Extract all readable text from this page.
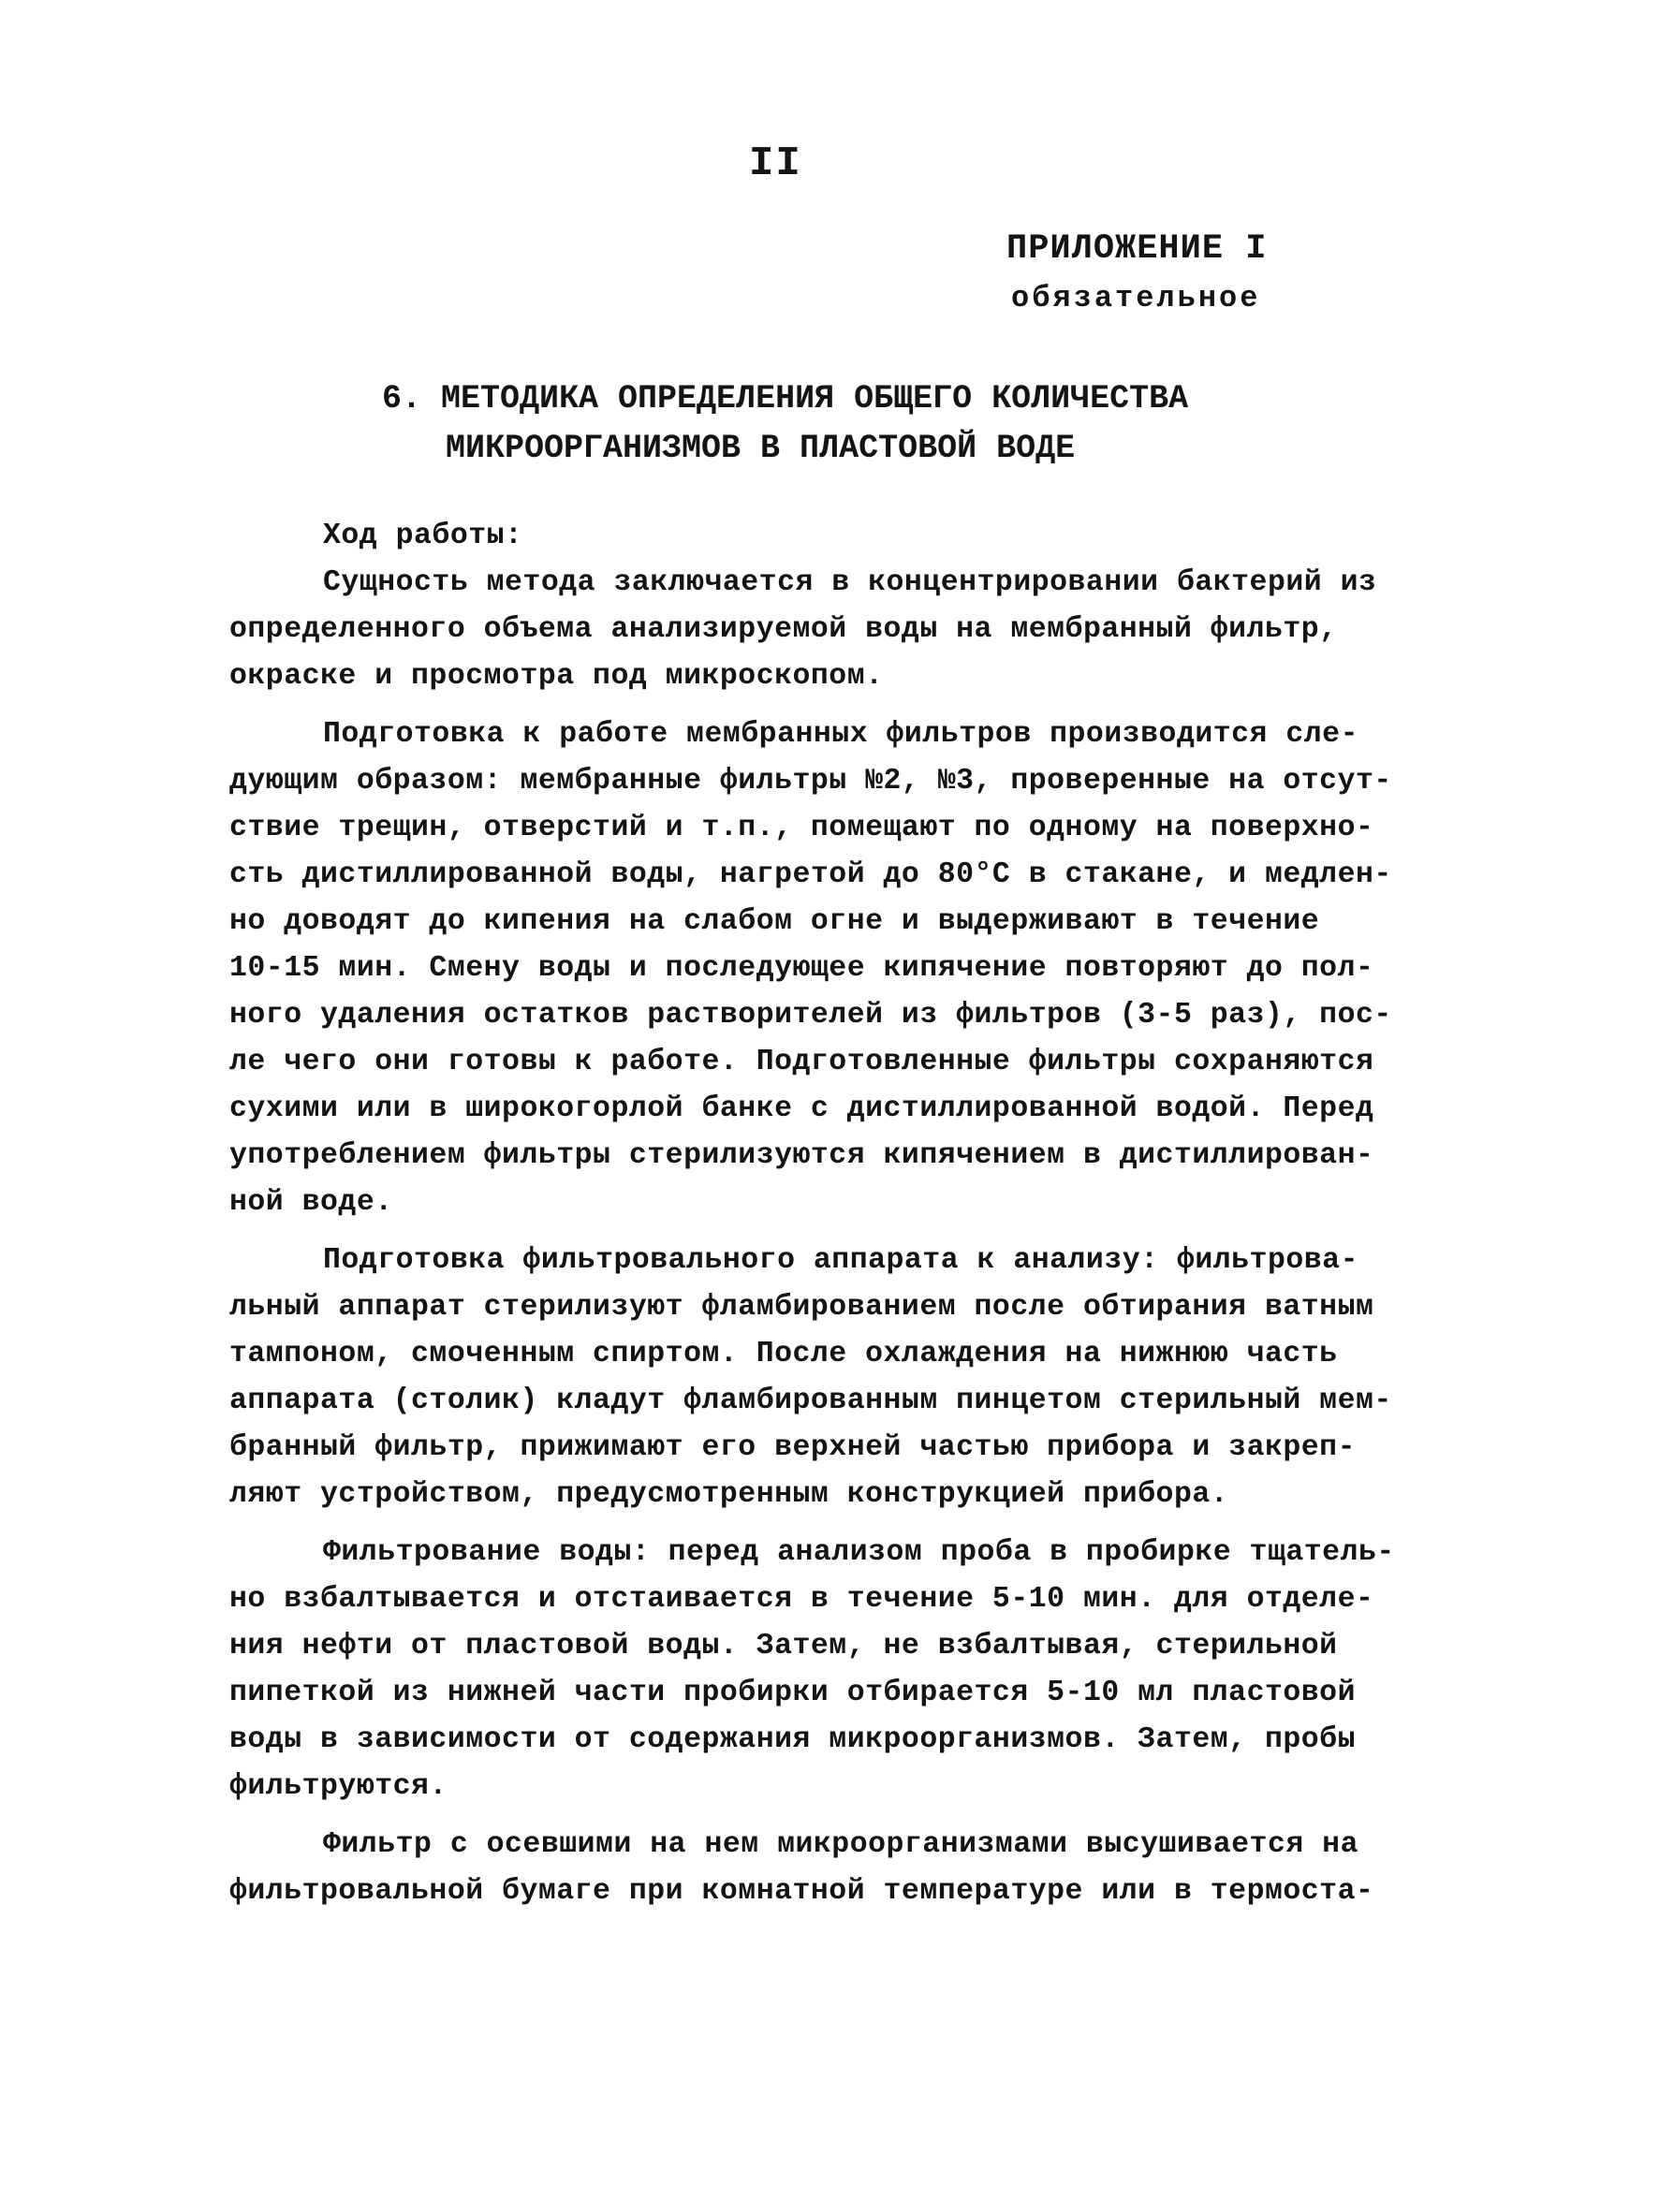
II
ПРИЛОЖЕНИЕ I
обязательное
6. МЕТОДИКА ОПРЕДЕЛЕНИЯ ОБЩЕГО КОЛИЧЕСТВА
МИКРООРГАНИЗМОВ В ПЛАСТОВОЙ ВОДЕ

Ход работы:

Сущность метода заключается в концентрировании бактерий из
определенного объема анализируемой воды на мембранный фильтр,
окраске и просмотра под микроскопом.

Подготовка к работе мембранных фильтров производится сле-
дующим образом: мембранные фильтры №2, №3, проверенные на отсут-
ствие трещин, отверстий и т.п., помещают по одному на поверхно-
сть дистиллированной воды, нагретой до 80°С в стакане, и медлен-
но доводят до кипения на слабом огне и выдерживают в течение
10-15 мин. Смену воды и последующее кипячение повторяют до пол-
ного удаления остатков растворителей из фильтров (3-5 раз), пос-
ле чего они готовы к работе. Подготовленные фильтры сохраняются
сухими или в широкогорлой банке с дистиллированной водой. Перед
употреблением фильтры стерилизуются кипячением в дистиллирован-
ной воде.

Подготовка фильтровального аппарата к анализу: фильтрова-
льный аппарат стерилизуют фламбированием после обтирания ватным
тампоном, смоченным спиртом. После охлаждения на нижнюю часть
аппарата (столик) кладут фламбированным пинцетом стерильный мем-
бранный фильтр, прижимают его верхней частью прибора и закреп-
ляют устройством, предусмотренным конструкцией прибора.

Фильтрование воды: перед анализом проба в пробирке тщатель-
но взбалтывается и отстаивается в течение 5-10 мин. для отделе-
ния нефти от пластовой воды. Затем, не взбалтывая, стерильной
пипеткой из нижней части пробирки отбирается 5-10 мл пластовой
воды в зависимости от содержания микроорганизмов. Затем, пробы
фильтруются.

Фильтр с осевшими на нем микроорганизмами высушивается на
фильтровальной бумаге при комнатной температуре или в термоста-
